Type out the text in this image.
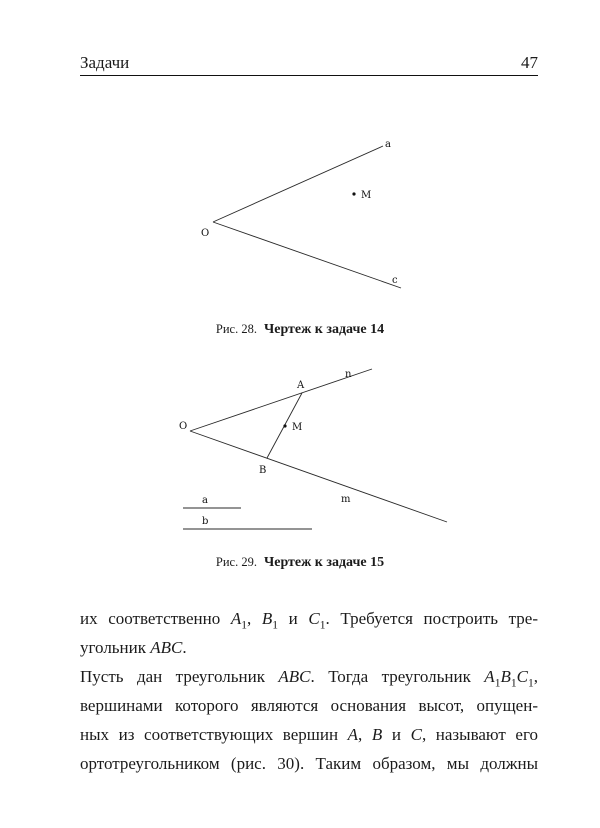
Задачи	47
O
a
c
M
Рис. 28. Чертеж к задаче 14
O
A
n
B
M
m
a
b
Рис. 29. Чертеж к задаче 15
их соответственно $A_1$, $B_1$ и $C_1$. Требуется построить тре-
угольник ABC.
Пусть дан треугольник ABC. Тогда треугольник $A_1B_1C_1$,
вершинами которого являются основания высот, опущен-
ных из соответствующих вершин A, B и C, называют его
ортотреугольником (рис. 30). Таким образом, мы должны
